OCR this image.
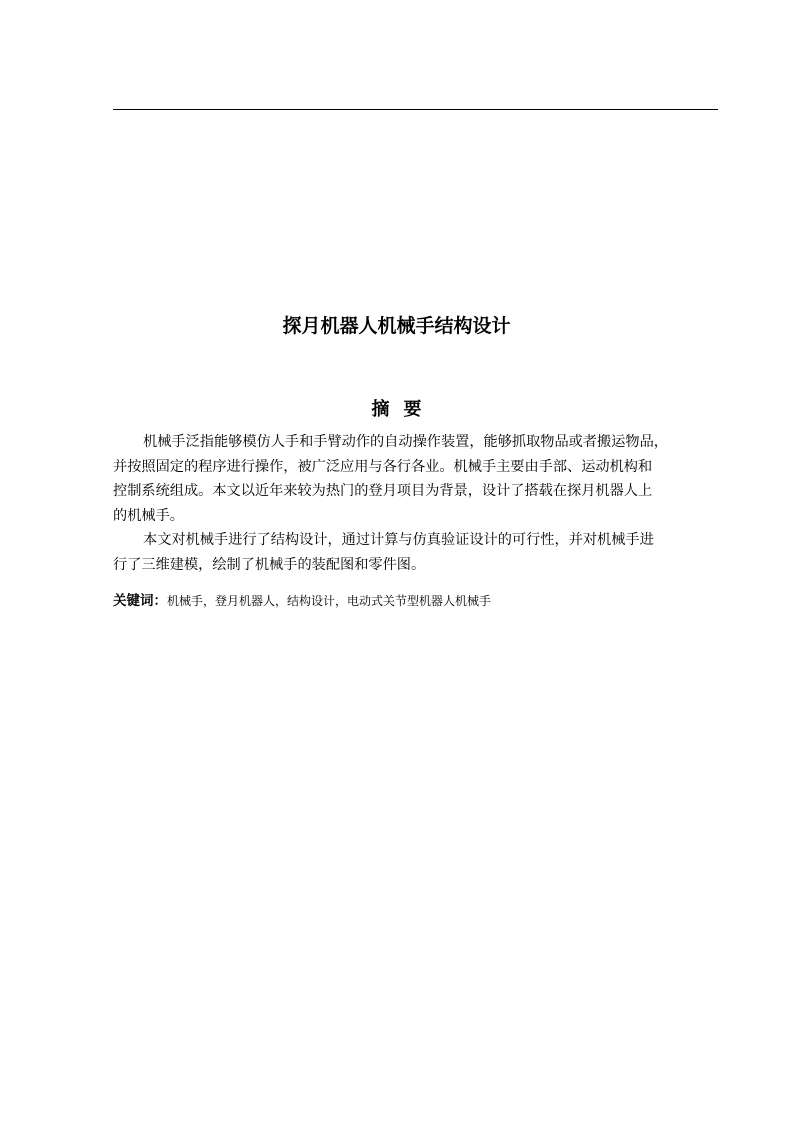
探月机器人机械手结构设计
摘要
机械手泛指能够模仿人手和手臂动作的自动操作装置，能够抓取物品或者搬运物品，
并按照固定的程序进行操作，被广泛应用与各行各业。机械手主要由手部、运动机构和
控制系统组成。本文以近年来较为热门的登月项目为背景，设计了搭载在探月机器人上
的机械手。
本文对机械手进行了结构设计，通过计算与仿真验证设计的可行性，并对机械手进
行了三维建模，绘制了机械手的装配图和零件图。
关键词：机械手，登月机器人，结构设计，电动式关节型机器人机械手
